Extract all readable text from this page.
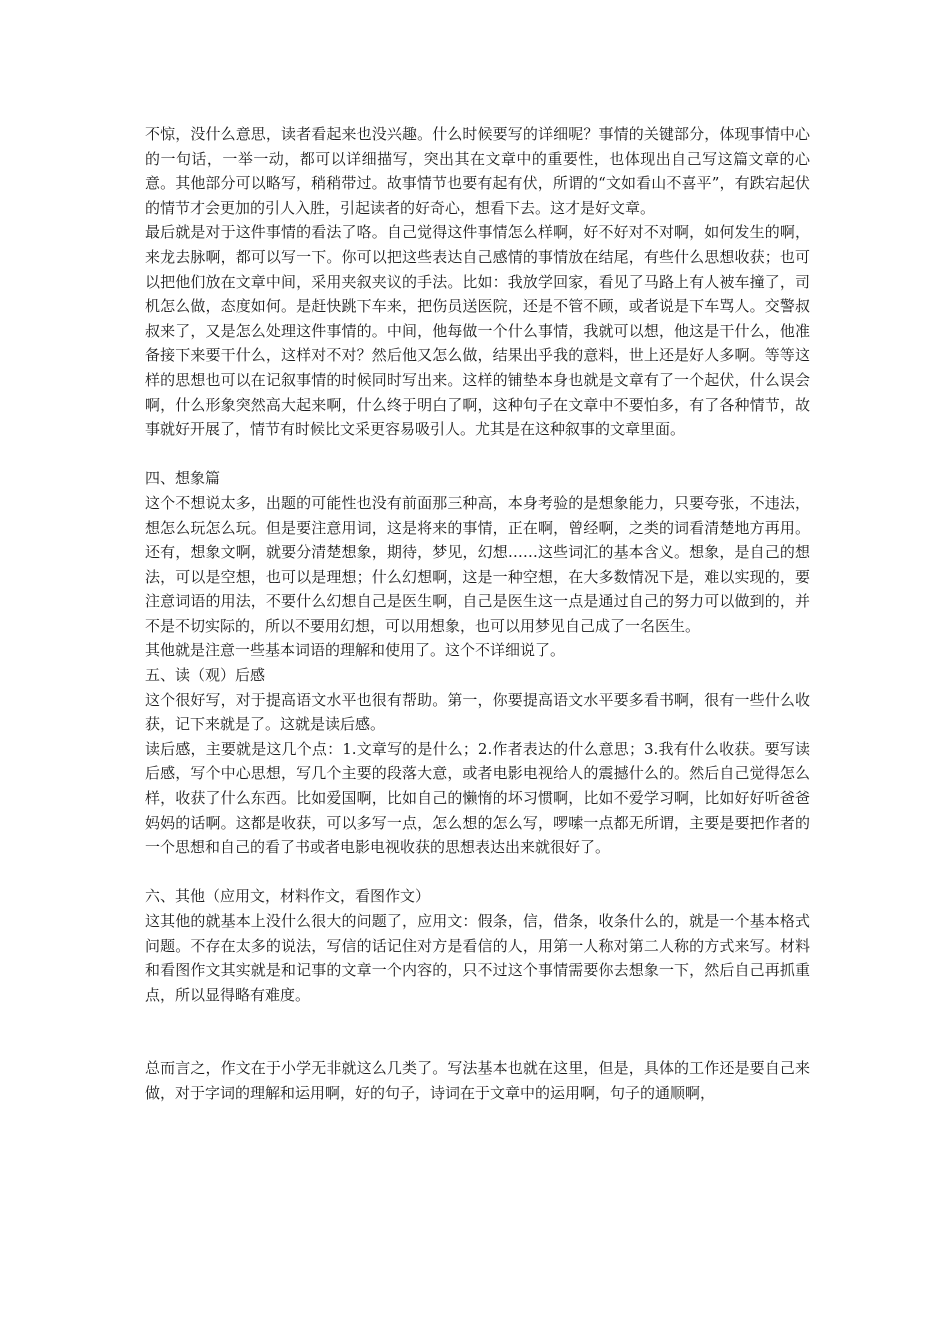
不惊，没什么意思，读者看起来也没兴趣。什么时候要写的详细呢？事情的关键部分，体现事情中心的一句话，一举一动，都可以详细描写，突出其在文章中的重要性，也体现出自己写这篇文章的心意。其他部分可以略写，稍稍带过。故事情节也要有起有伏，所谓的“文如看山不喜平”，有跌宕起伏的情节才会更加的引人入胜，引起读者的好奇心，想看下去。这才是好文章。

最后就是对于这件事情的看法了咯。自己觉得这件事情怎么样啊，好不好对不对啊，如何发生的啊，来龙去脉啊，都可以写一下。你可以把这些表达自己感情的事情放在结尾，有些什么思想收获；也可以把他们放在文章中间，采用夹叙夹议的手法。比如：我放学回家，看见了马路上有人被车撞了，司机怎么做，态度如何。是赶快跳下车来，把伤员送医院，还是不管不顾，或者说是下车骂人。交警叔叔来了，又是怎么处理这件事情的。中间，他每做一个什么事情，我就可以想，他这是干什么，他准备接下来要干什么，这样对不对？然后他又怎么做，结果出乎我的意料，世上还是好人多啊。等等这样的思想也可以在记叙事情的时候同时写出来。这样的铺垫本身也就是文章有了一个起伏，什么误会啊，什么形象突然高大起来啊，什么终于明白了啊，这种句子在文章中不要怕多，有了各种情节，故事就好开展了，情节有时候比文采更容易吸引人。尤其是在这种叙事的文章里面。

四、想象篇

这个不想说太多，出题的可能性也没有前面那三种高，本身考验的是想象能力，只要夸张，不违法，想怎么玩怎么玩。但是要注意用词，这是将来的事情，正在啊，曾经啊，之类的词看清楚地方再用。还有，想象文啊，就要分清楚想象，期待，梦见，幻想……这些词汇的基本含义。想象，是自己的想法，可以是空想，也可以是理想；什么幻想啊，这是一种空想，在大多数情况下是，难以实现的，要注意词语的用法，不要什么幻想自己是医生啊，自己是医生这一点是通过自己的努力可以做到的，并不是不切实际的，所以不要用幻想，可以用想象，也可以用梦见自己成了一名医生。

其他就是注意一些基本词语的理解和使用了。这个不详细说了。

五、读（观）后感

这个很好写，对于提高语文水平也很有帮助。第一，你要提高语文水平要多看书啊，很有一些什么收获，记下来就是了。这就是读后感。

读后感，主要就是这几个点：1.文章写的是什么；2.作者表达的什么意思；3.我有什么收获。要写读后感，写个中心思想，写几个主要的段落大意，或者电影电视给人的震撼什么的。然后自己觉得怎么样，收获了什么东西。比如爱国啊，比如自己的懒惰的坏习惯啊，比如不爱学习啊，比如好好听爸爸妈妈的话啊。这都是收获，可以多写一点，怎么想的怎么写，啰嗦一点都无所谓，主要是要把作者的一个思想和自己的看了书或者电影电视收获的思想表达出来就很好了。

六、其他（应用文，材料作文，看图作文）

这其他的就基本上没什么很大的问题了，应用文：假条，信，借条，收条什么的，就是一个基本格式问题。不存在太多的说法，写信的话记住对方是看信的人，用第一人称对第二人称的方式来写。材料和看图作文其实就是和记事的文章一个内容的，只不过这个事情需要你去想象一下，然后自己再抓重点，所以显得略有难度。

总而言之，作文在于小学无非就这么几类了。写法基本也就在这里，但是，具体的工作还是要自己来做，对于字词的理解和运用啊，好的句子，诗词在于文章中的运用啊，句子的通顺啊，
